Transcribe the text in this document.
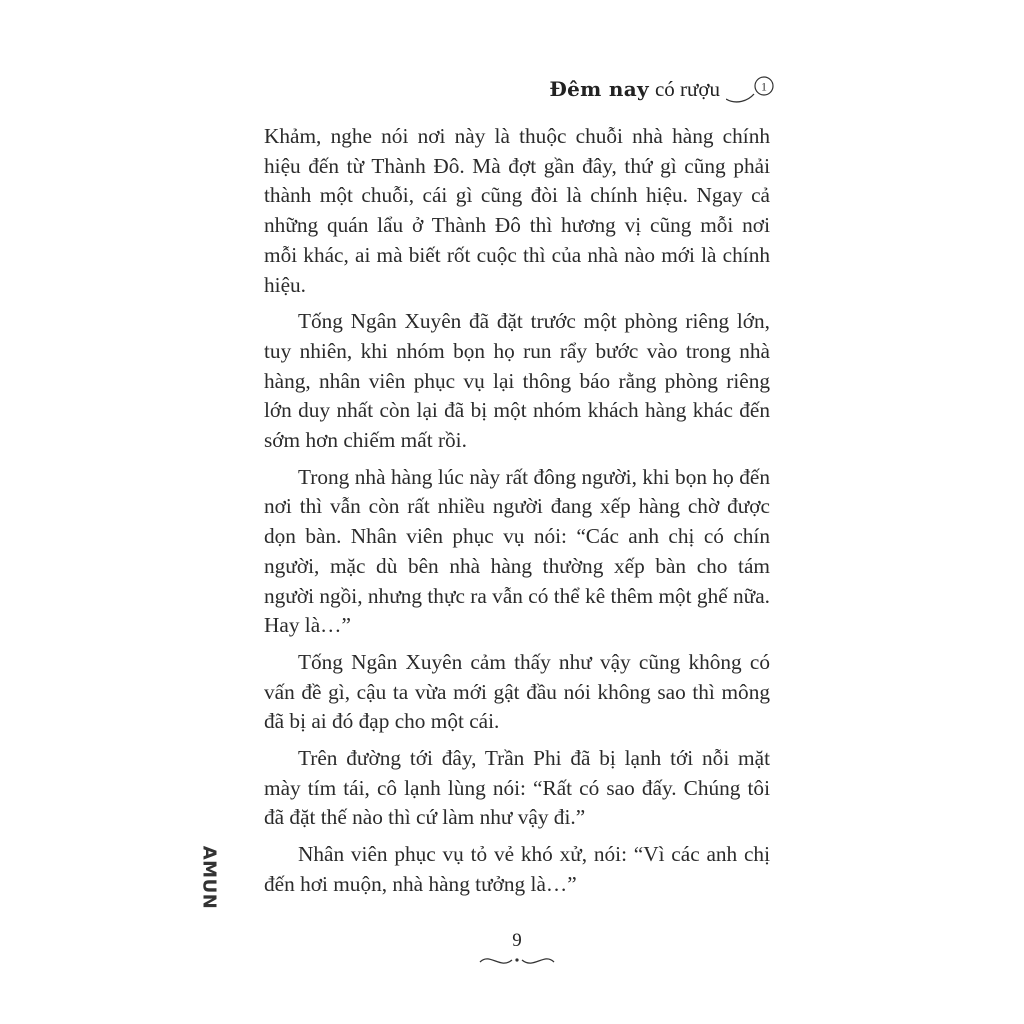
Đêm nay có rượu	1

Khảm, nghe nói nơi này là thuộc chuỗi nhà hàng chính hiệu đến từ Thành Đô. Mà đợt gần đây, thứ gì cũng phải thành một chuỗi, cái gì cũng đòi là chính hiệu. Ngay cả những quán lẩu ở Thành Đô thì hương vị cũng mỗi nơi mỗi khác, ai mà biết rốt cuộc thì của nhà nào mới là chính hiệu.

Tống Ngân Xuyên đã đặt trước một phòng riêng lớn, tuy nhiên, khi nhóm bọn họ run rẩy bước vào trong nhà hàng, nhân viên phục vụ lại thông báo rằng phòng riêng lớn duy nhất còn lại đã bị một nhóm khách hàng khác đến sớm hơn chiếm mất rồi.

Trong nhà hàng lúc này rất đông người, khi bọn họ đến nơi thì vẫn còn rất nhiều người đang xếp hàng chờ được dọn bàn. Nhân viên phục vụ nói: “Các anh chị có chín người, mặc dù bên nhà hàng thường xếp bàn cho tám người ngồi, nhưng thực ra vẫn có thể kê thêm một ghế nữa. Hay là…”

Tống Ngân Xuyên cảm thấy như vậy cũng không có vấn đề gì, cậu ta vừa mới gật đầu nói không sao thì mông đã bị ai đó đạp cho một cái.

Trên đường tới đây, Trần Phi đã bị lạnh tới nỗi mặt mày tím tái, cô lạnh lùng nói: “Rất có sao đấy. Chúng tôi đã đặt thế nào thì cứ làm như vậy đi.”

Nhân viên phục vụ tỏ vẻ khó xử, nói: “Vì các anh chị đến hơi muộn, nhà hàng tưởng là…”

AMUN
9
